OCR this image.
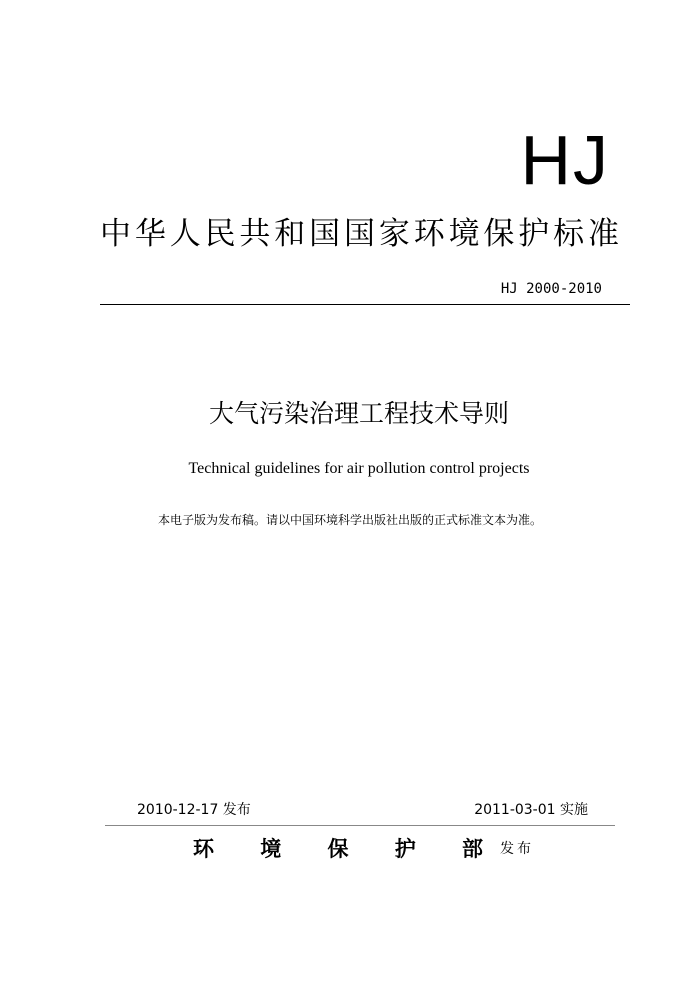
HJ
中华人民共和国国家环境保护标准
HJ 2000-2010
大气污染治理工程技术导则
Technical guidelines for air pollution control projects
本电子版为发布稿。请以中国环境科学出版社出版的正式标准文本为准。
2010-12-17 发布	2011-03-01 实施
环 境 保 护 部 发布
